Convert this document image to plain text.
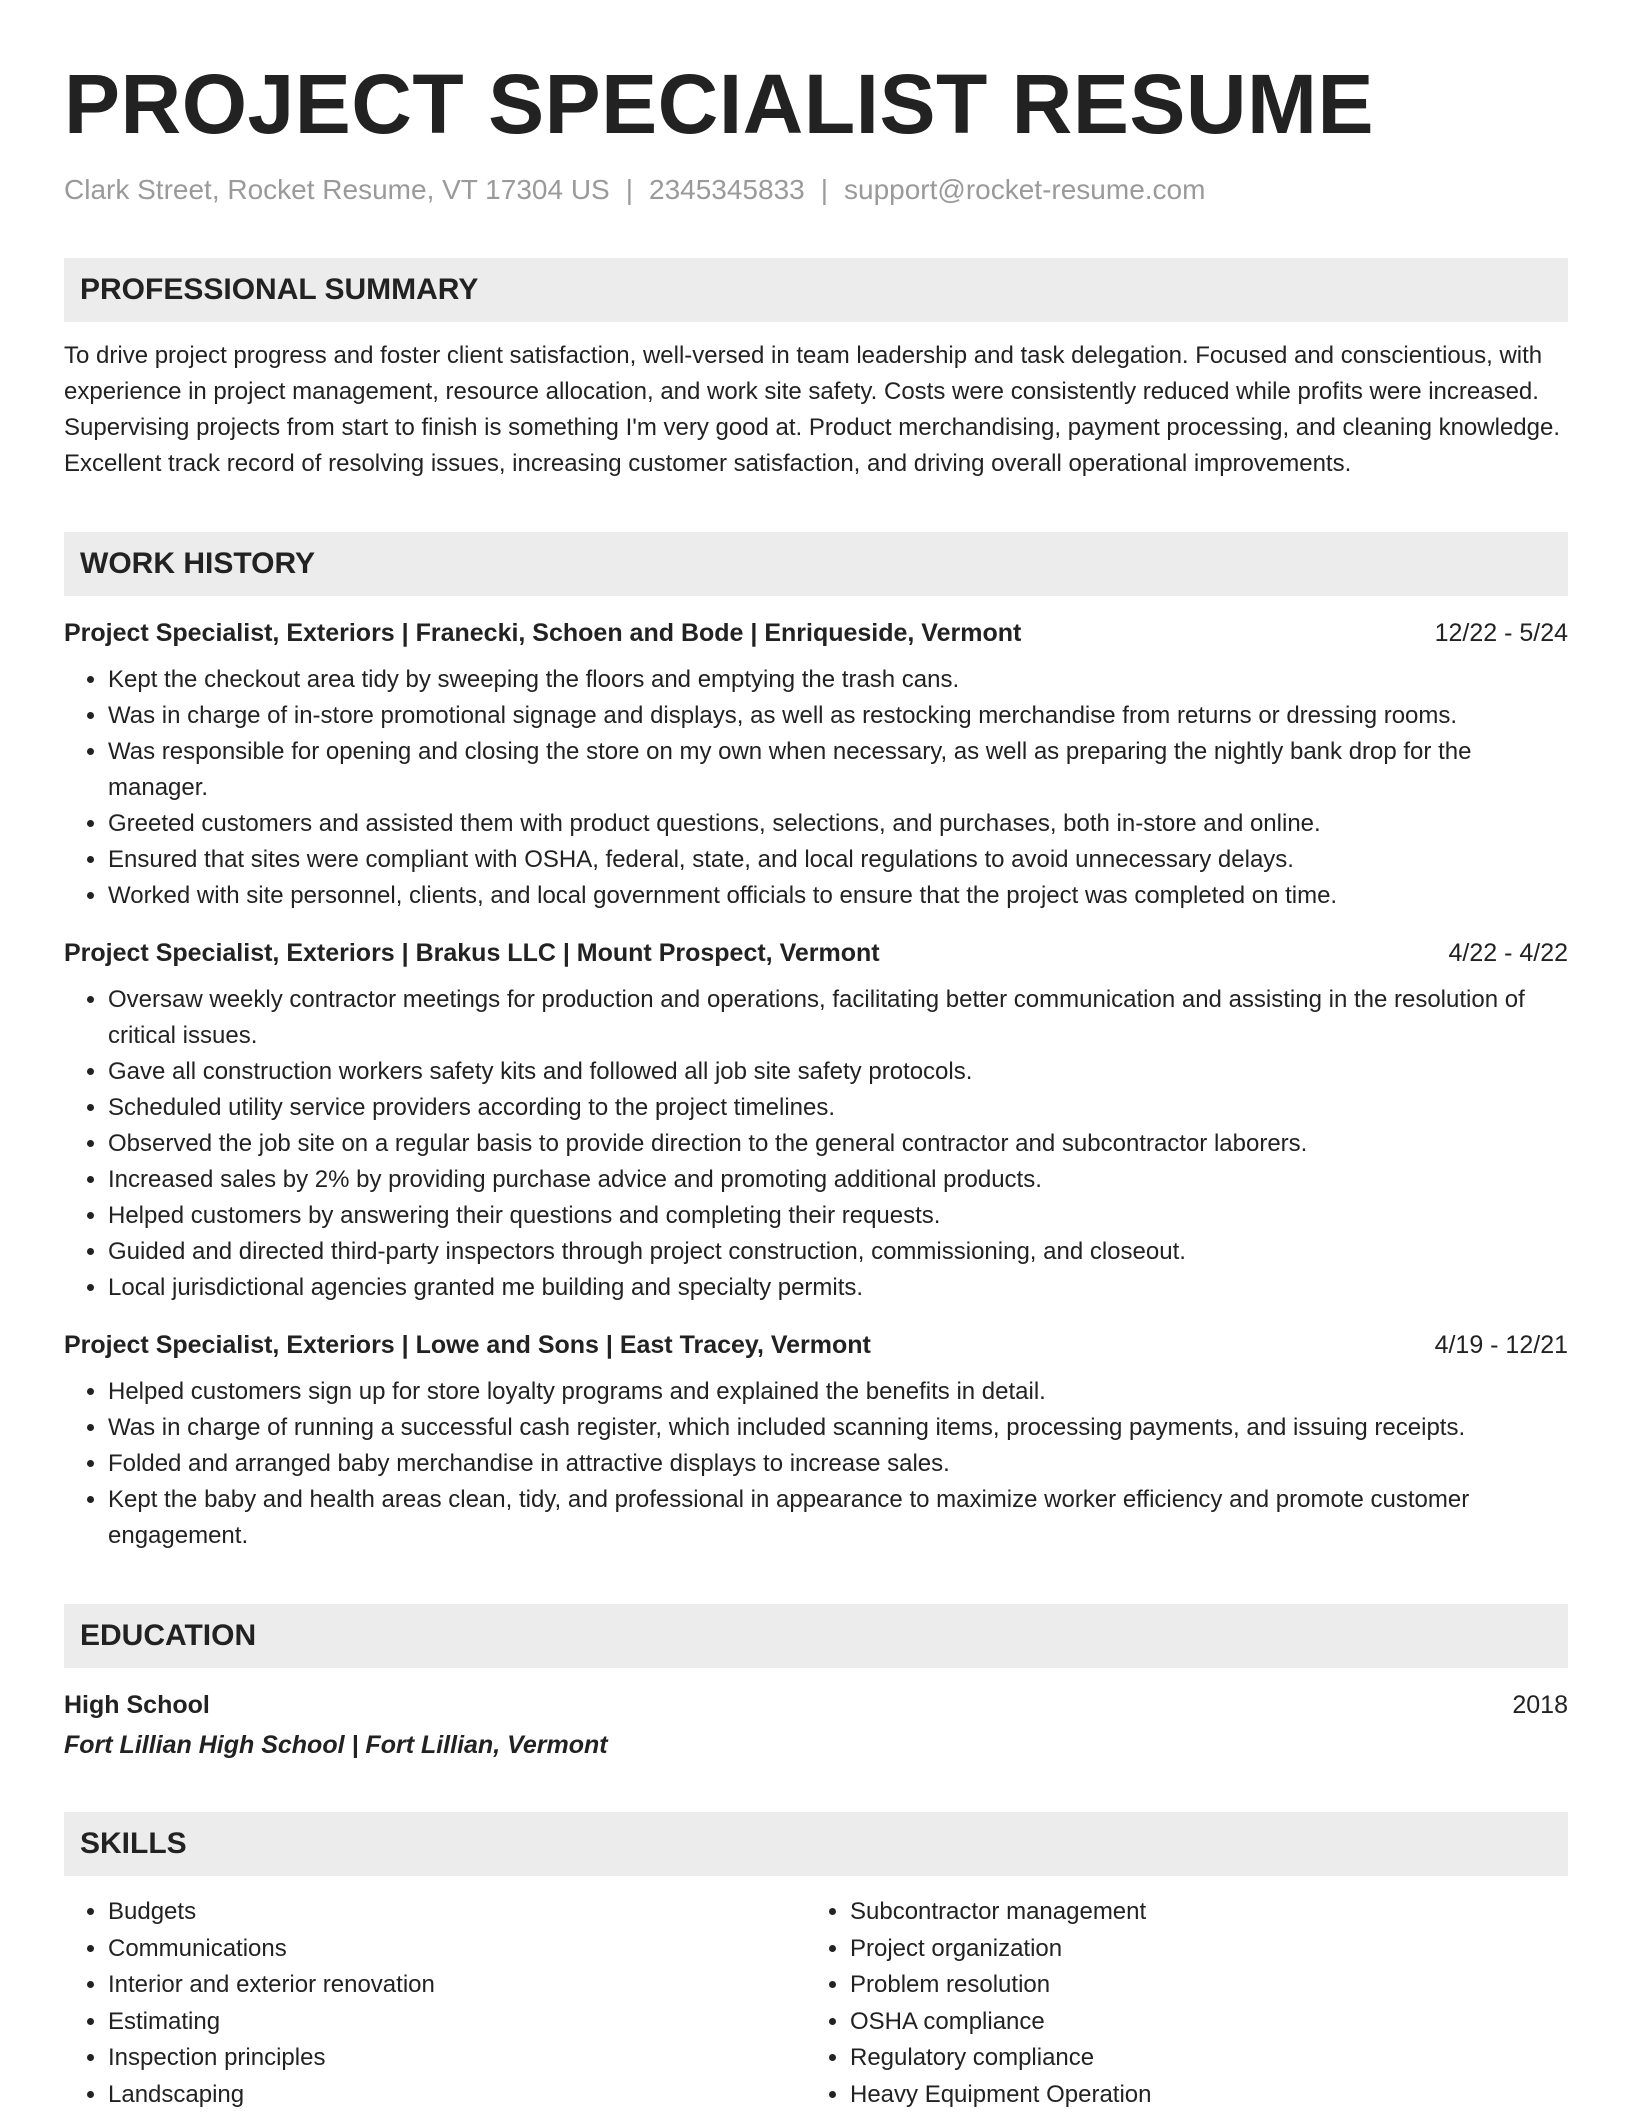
PROJECT SPECIALIST RESUME
Clark Street, Rocket Resume, VT 17304 US | 2345345833 | support@rocket-resume.com
PROFESSIONAL SUMMARY
To drive project progress and foster client satisfaction, well-versed in team leadership and task delegation. Focused and conscientious, with experience in project management, resource allocation, and work site safety. Costs were consistently reduced while profits were increased. Supervising projects from start to finish is something I'm very good at. Product merchandising, payment processing, and cleaning knowledge. Excellent track record of resolving issues, increasing customer satisfaction, and driving overall operational improvements.
WORK HISTORY
Project Specialist, Exteriors | Franecki, Schoen and Bode | Enriqueside, Vermont	12/22 - 5/24
• Kept the checkout area tidy by sweeping the floors and emptying the trash cans.
• Was in charge of in-store promotional signage and displays, as well as restocking merchandise from returns or dressing rooms.
• Was responsible for opening and closing the store on my own when necessary, as well as preparing the nightly bank drop for the manager.
• Greeted customers and assisted them with product questions, selections, and purchases, both in-store and online.
• Ensured that sites were compliant with OSHA, federal, state, and local regulations to avoid unnecessary delays.
• Worked with site personnel, clients, and local government officials to ensure that the project was completed on time.
Project Specialist, Exteriors | Brakus LLC | Mount Prospect, Vermont	4/22 - 4/22
• Oversaw weekly contractor meetings for production and operations, facilitating better communication and assisting in the resolution of critical issues.
• Gave all construction workers safety kits and followed all job site safety protocols.
• Scheduled utility service providers according to the project timelines.
• Observed the job site on a regular basis to provide direction to the general contractor and subcontractor laborers.
• Increased sales by 2% by providing purchase advice and promoting additional products.
• Helped customers by answering their questions and completing their requests.
• Guided and directed third-party inspectors through project construction, commissioning, and closeout.
• Local jurisdictional agencies granted me building and specialty permits.
Project Specialist, Exteriors | Lowe and Sons | East Tracey, Vermont	4/19 - 12/21
• Helped customers sign up for store loyalty programs and explained the benefits in detail.
• Was in charge of running a successful cash register, which included scanning items, processing payments, and issuing receipts.
• Folded and arranged baby merchandise in attractive displays to increase sales.
• Kept the baby and health areas clean, tidy, and professional in appearance to maximize worker efficiency and promote customer engagement.
EDUCATION
High School	2018
Fort Lillian High School | Fort Lillian, Vermont
SKILLS
• Budgets
• Communications
• Interior and exterior renovation
• Estimating
• Inspection principles
• Landscaping
• Subcontractor management
• Project organization
• Problem resolution
• OSHA compliance
• Regulatory compliance
• Heavy Equipment Operation
